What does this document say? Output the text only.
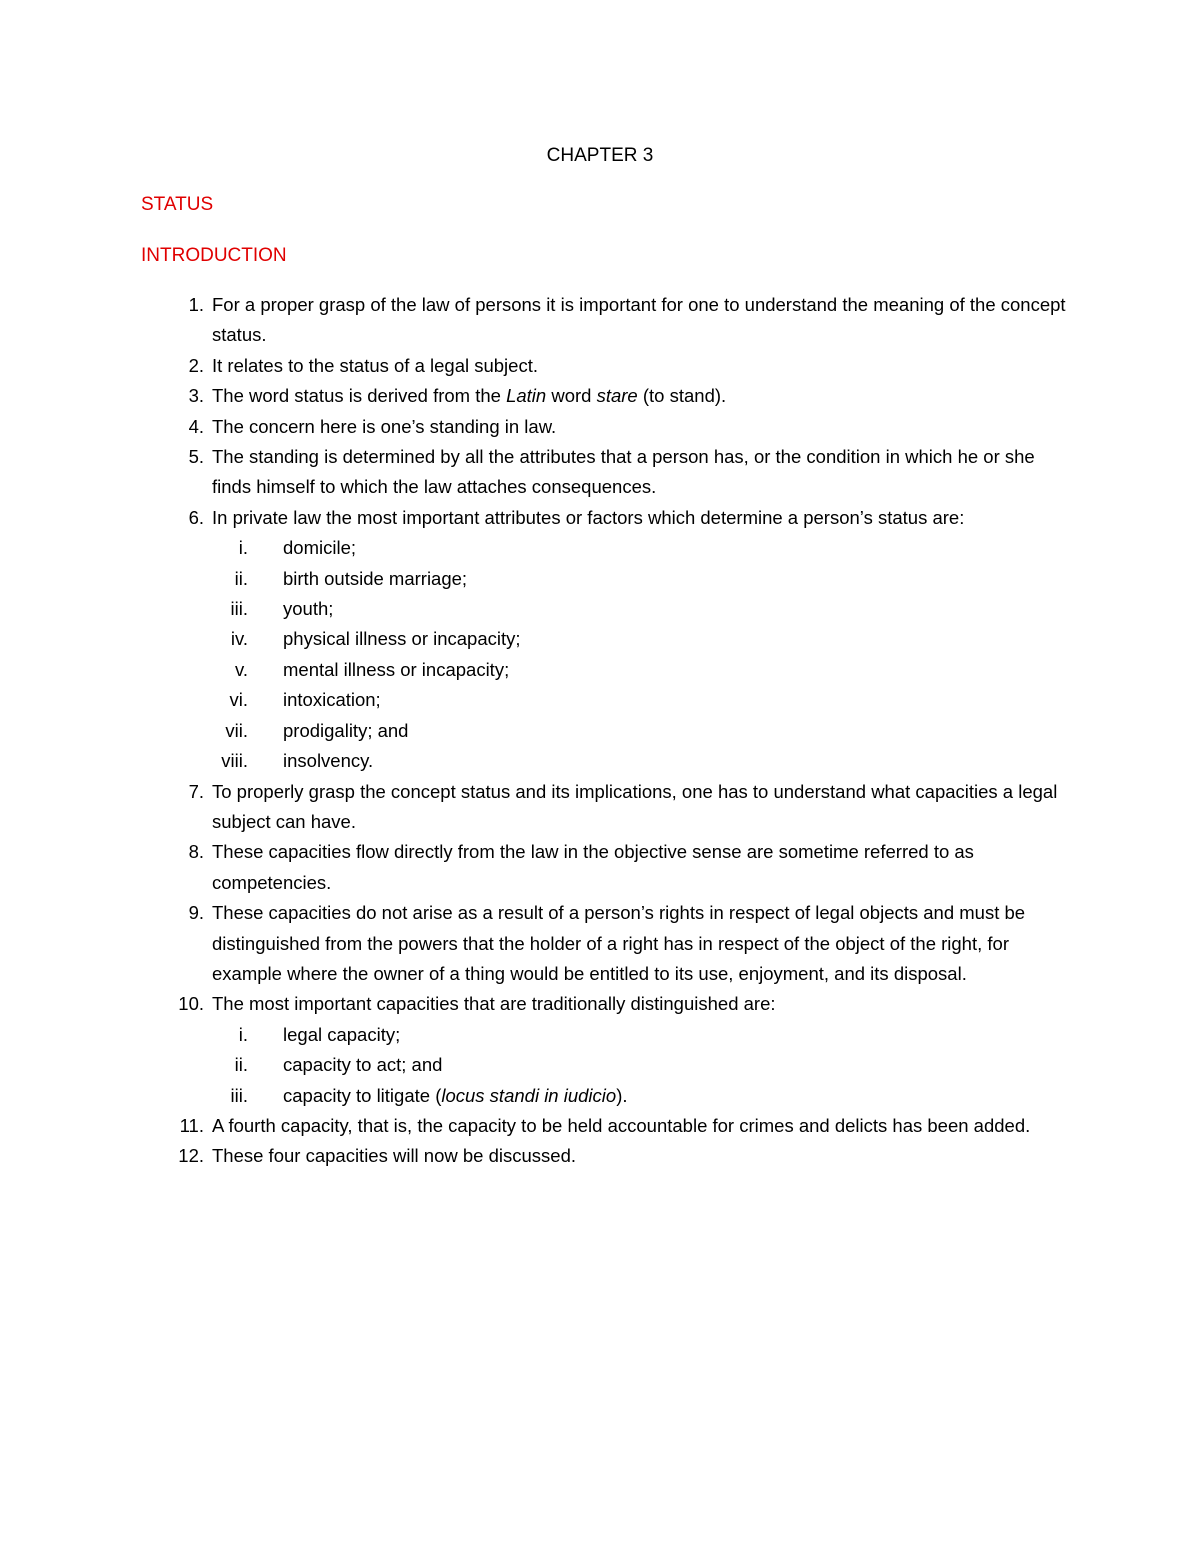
CHAPTER 3
STATUS
INTRODUCTION
1. For a proper grasp of the law of persons it is important for one to understand the meaning of the concept status.
2. It relates to the status of a legal subject.
3. The word status is derived from the Latin word stare (to stand).
4. The concern here is one’s standing in law.
5. The standing is determined by all the attributes that a person has, or the condition in which he or she finds himself to which the law attaches consequences.
6. In private law the most important attributes or factors which determine a person’s status are:
i. domicile;
ii. birth outside marriage;
iii. youth;
iv. physical illness or incapacity;
v. mental illness or incapacity;
vi. intoxication;
vii. prodigality; and
viii. insolvency.
7. To properly grasp the concept status and its implications, one has to understand what capacities a legal subject can have.
8. These capacities flow directly from the law in the objective sense are sometime referred to as competencies.
9. These capacities do not arise as a result of a person’s rights in respect of legal objects and must be distinguished from the powers that the holder of a right has in respect of the object of the right, for example where the owner of a thing would be entitled to its use, enjoyment, and its disposal.
10. The most important capacities that are traditionally distinguished are:
i. legal capacity;
ii. capacity to act; and
iii. capacity to litigate (locus standi in iudicio).
11. A fourth capacity, that is, the capacity to be held accountable for crimes and delicts has been added.
12. These four capacities will now be discussed.
